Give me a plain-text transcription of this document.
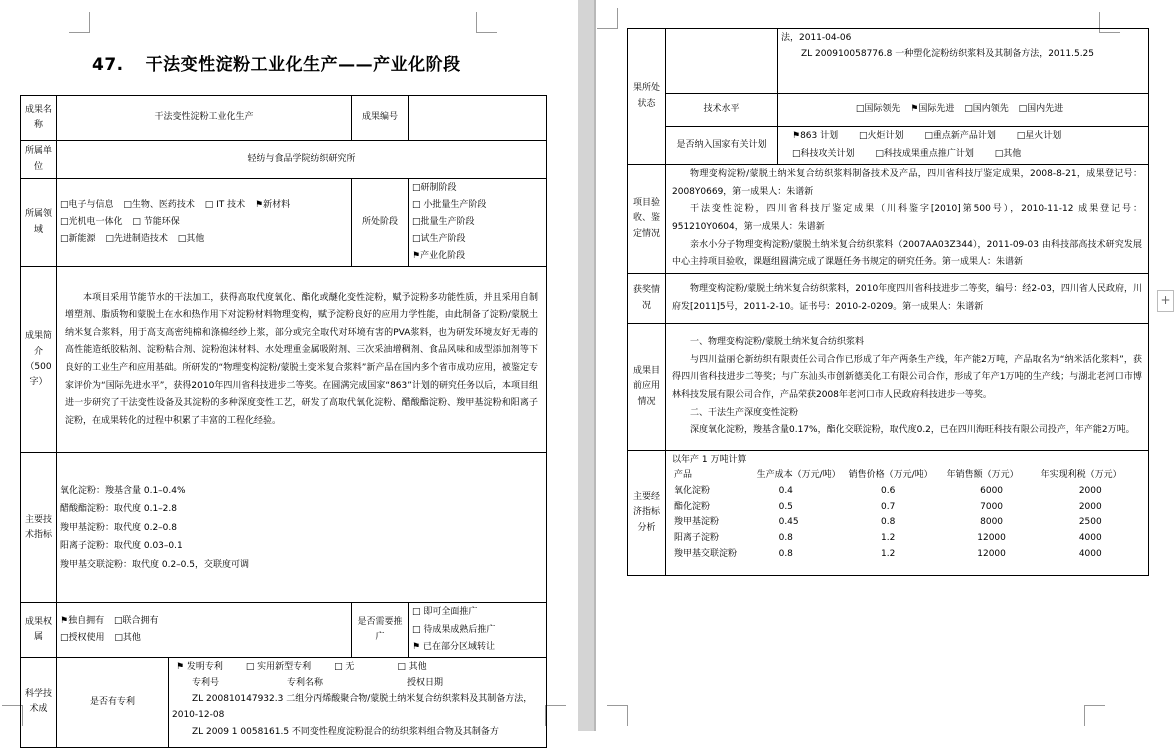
47. 干法变性淀粉工业化生产——产业化阶段
成果名称	干法变性淀粉工业化生产		成果编号	
所属单位	轻纺与食品学院纺织研究所			
所属领域	□电子与信息 □生物、医药技术 □ IT 技术 ⚑新材料
□光机电一体化 □ 节能环保
□新能源 □先进制造技术 □其他		所处阶段	□研制阶段 □ 小批量生产阶段
□批量生产阶段 □试生产阶段
⚑产业化阶段
成果简介（500字）	本项目采用节能节水的干法加工，获得高取代度氧化、酯化或醚化变性淀粉，赋予淀粉多功能性质，并且采用自制增塑剂、脂质物和蒙脱土在水和热作用下对淀粉材料物理变构，赋予淀粉良好的应用力学性能，由此制备了淀粉/蒙脱土纳米复合浆料，用于高支高密纯棉和涤棉经纱上浆，部分或完全取代对环境有害的PVA浆料，也为研发环境友好无毒的高性能造纸胶粘剂、淀粉粘合剂、淀粉泡沫材料、水处理重金属吸附剂、三次采油增稠剂、食品风味和成型添加剂等下良好的工业生产和应用基础。所研发的“物理变构淀粉/蒙脱土变米复合浆料”新产品在国内多个省市成功应用，被鉴定专家评价为“国际先进水平”，获得2010年四川省科技进步二等奖。在圆满完成国家“863”计划的研究任务以后，本项目组进一步研究了干法变性设备及其淀粉的多种深度变性工艺，研发了高取代氧化淀粉、醋酸酯淀粉、羧甲基淀粉和阳离子淀粉，在成果转化的过程中积累了丰富的工程化经验。			
主要技术指标	氧化淀粉：羧基含量 0.1–0.4%
醋酸酯淀粉：取代度 0.1–2.8
羧甲基淀粉：取代度 0.2–0.8
阳离子淀粉：取代度 0.03–0.1
羧甲基交联淀粉：取代度 0.2–0.5，交联度可调			

成果权属	⚑独自拥有 □联合拥有
□授权使用 □其他		是否需要推广	□ 即可全面推广 □ 待成果成熟后推广
⚑ 已在部分区域转让
科学技术成	是否有专利	⚑ 发明专利 □ 实用新型专利 □ 无 □ 其他
专利号 专利名称 授权日期
ZL 200810147932.3 二组分丙烯酸聚合物/蒙脱土纳米复合纺织浆料及其制备方法，2010-12-08
ZL 2009 1 0058161.5 不同变性程度淀粉混合的纺织浆料组合物及其制备方		
果所处状态		
法，2011-04-06
ZL 200910058776.8 一种塑化淀粉纺织浆料及其制备方法，2011.5.25

技术水平	□国际领先 ⚑国际先进 □国内领先 □国内先进
是否纳入国家有关计划	⚑863 计划 □火炬计划 □重点新产品计划 □星火计划
□科技攻关计划 □科技成果重点推广计划 □其他
项目验收、鉴定情况	
物理变构淀粉/蒙脱土纳米复合纺织浆料制备技术及产品，四川省科技厅鉴定成果，2008-8-21，成果登记号：2008Y0669，第一成果人：朱谱新
干法变性淀粉，四川省科技厅鉴定成果（川科鉴字[2010]第500号），2010-11-12 成果登记号：951210Y0604，第一成果人：朱谱新
亲水小分子物理变构淀粉/蒙脱土纳米复合纺织浆料（2007AA03Z344），2011-09-03 由科技部高技术研究发展中心主持项目验收，课题组圆满完成了课题任务书规定的研究任务。第一成果人：朱谱新

获奖情况	物理变构淀粉/蒙脱土纳米复合纺织浆料，2010年度四川省科技进步二等奖，编号：经2-03，四川省人民政府，川府发[2011]5号，2011-2-10。证书号：2010-2-0209。第一成果人：朱谱新
成果目前应用情况	
一、物理变构淀粉/蒙脱土纳米复合纺织浆料
与四川益丽仑新纺织有限责任公司合作已形成了年产两条生产线，年产能2万吨，产品取名为“纳米活化浆料”，获得四川省科技进步二等奖；与广东汕头市创新德美化工有限公司合作，形成了年产1万吨的生产线；与湖北老河口市博林科技发展有限公司合作，产品荣获2008年老河口市人民政府科技进步一等奖。
二、干法生产深度变性淀粉
深度氧化淀粉，羧基含量0.17%，酯化交联淀粉，取代度0.2，已在四川海旺科技有限公司投产，年产能2万吨。

主要经济指标分析	
以年产 1 万吨计算
产品	生产成本（万元/吨） 销售价格（万元/吨）	年销售额（万元）	年实现利税（万元）
氧化淀粉	0.4	0.6	6000	2000
酯化淀粉	0.5	0.7	7000	2000
羧甲基淀粉	0.45	0.8	8000	2500
阳离子淀粉	0.8	1.2	12000	4000
羧甲基交联淀粉	0.8	1.2	12000	4000
+
